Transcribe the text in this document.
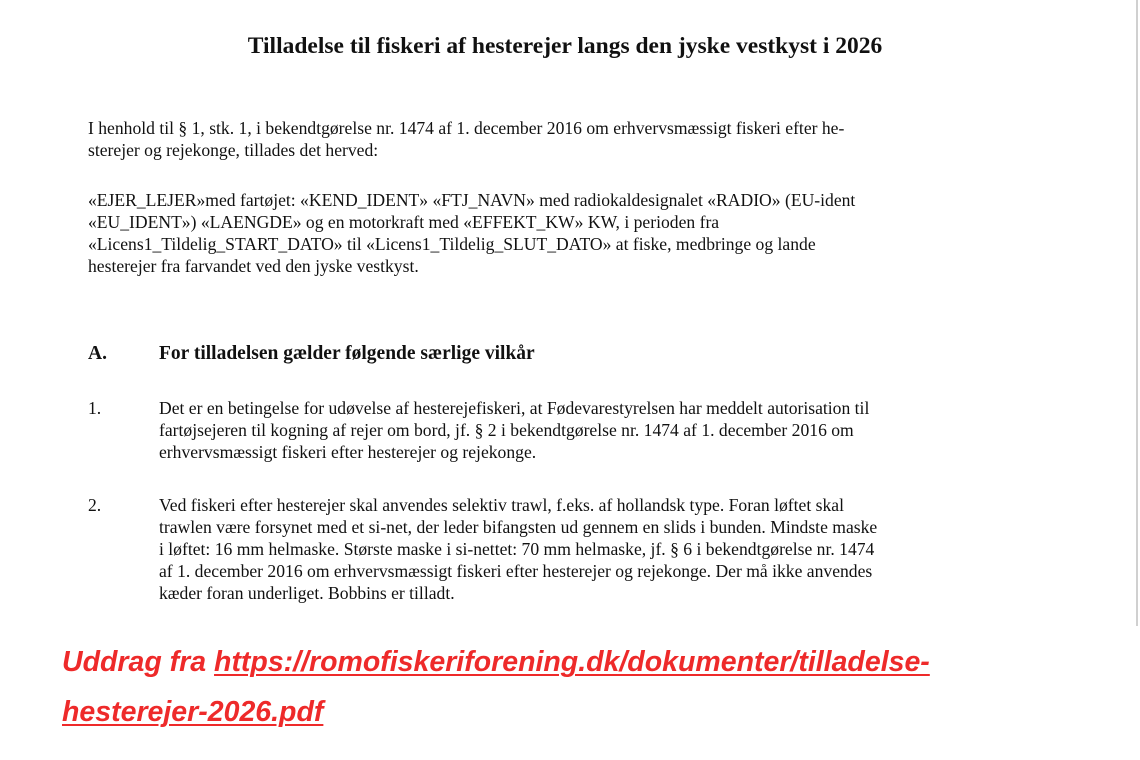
Tilladelse til fiskeri af hesterejer langs den jyske vestkyst i 2026
I henhold til § 1, stk. 1, i bekendtgørelse nr. 1474 af 1. december 2016 om erhvervsmæssigt fiskeri efter he-
sterejer og rejekonge, tillades det herved:
«EJER_LEJER»med fartøjet: «KEND_IDENT» «FTJ_NAVN» med radiokaldesignalet «RADIO» (EU-ident
«EU_IDENT») «LAENGDE» og en motorkraft med «EFFEKT_KW» KW, i perioden fra
«Licens1_Tildelig_START_DATO» til «Licens1_Tildelig_SLUT_DATO» at fiske, medbringe og lande
hesterejer fra farvandet ved den jyske vestkyst.
A.	For tilladelsen gælder følgende særlige vilkår
1.	Det er en betingelse for udøvelse af hesterejefiskeri, at Fødevarestyrelsen har meddelt autorisation til
fartøjsejeren til kogning af rejer om bord, jf. § 2 i bekendtgørelse nr. 1474 af 1. december 2016 om
erhvervsmæssigt fiskeri efter hesterejer og rejekonge.
2.	Ved fiskeri efter hesterejer skal anvendes selektiv trawl, f.eks. af hollandsk type. Foran løftet skal
trawlen være forsynet med et si-net, der leder bifangsten ud gennem en slids i bunden. Mindste maske
i løftet: 16 mm helmaske. Største maske i si-nettet: 70 mm helmaske, jf. § 6 i bekendtgørelse nr. 1474
af 1. december 2016 om erhvervsmæssigt fiskeri efter hesterejer og rejekonge. Der må ikke anvendes
kæder foran underliget. Bobbins er tilladt.
Uddrag fra https://romofiskeriforening.dk/dokumenter/tilladelse-
hesterejer-2026.pdf
